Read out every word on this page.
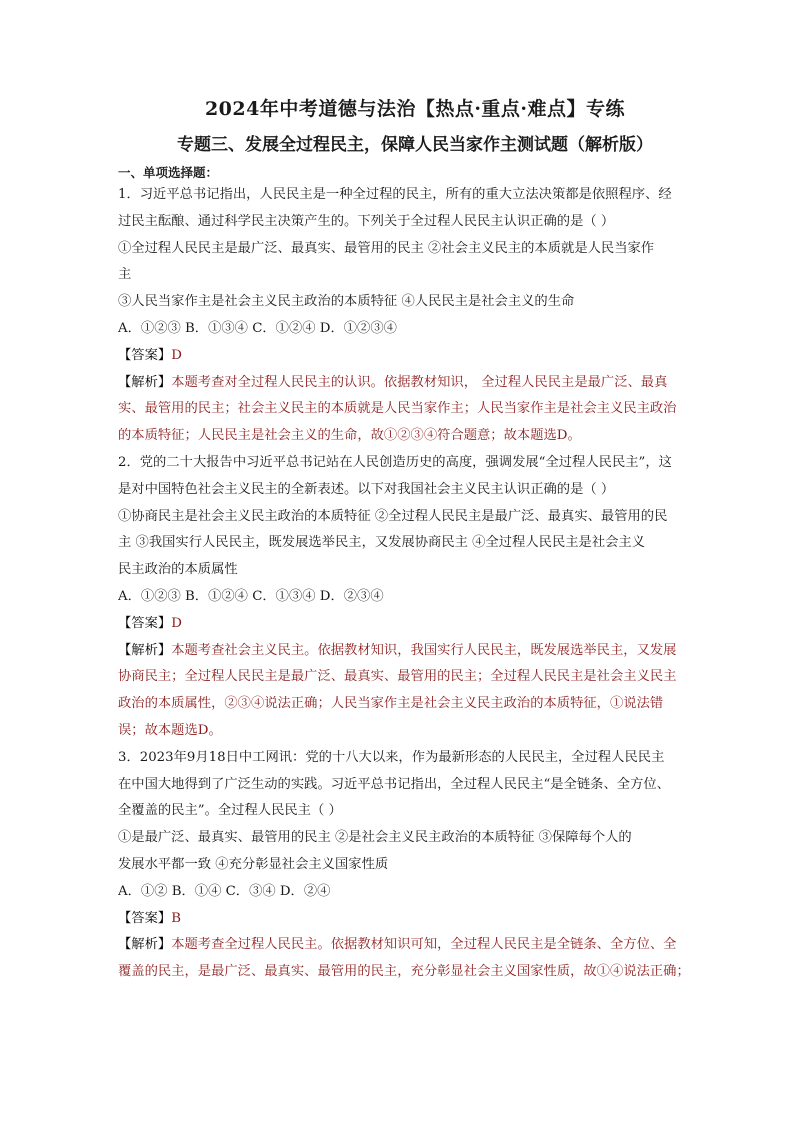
2024年中考道德与法治【热点·重点·难点】专练
专题三、发展全过程民主，保障人民当家作主测试题（解析版）
一、单项选择题：
1．习近平总书记指出，人民民主是一种全过程的民主，所有的重大立法决策都是依照程序、经
过民主酝酿、通过科学民主决策产生的。下列关于全过程人民民主认识正确的是（ ）
①全过程人民民主是最广泛、最真实、最管用的民主 ②社会主义民主的本质就是人民当家作
主
③人民当家作主是社会主义民主政治的本质特征 ④人民民主是社会主义的生命
A．①②③ B．①③④ C．①②④ D．①②③④
【答案】D
【解析】本题考查对全过程人民民主的认识。依据教材知识， 全过程人民民主是最广泛、最真
实、最管用的民主；社会主义民主的本质就是人民当家作主；人民当家作主是社会主义民主政治
的本质特征；人民民主是社会主义的生命，故①②③④符合题意；故本题选D。
2．党的二十大报告中习近平总书记站在人民创造历史的高度，强调发展“全过程人民民主”，这
是对中国特色社会主义民主的全新表述。以下对我国社会主义民主认识正确的是（ ）
①协商民主是社会主义民主政治的本质特征 ②全过程人民民主是最广泛、最真实、最管用的民
主 ③我国实行人民民主，既发展选举民主，又发展协商民主 ④全过程人民民主是社会主义
民主政治的本质属性
A．①②③ B．①②④ C．①③④ D．②③④
【答案】D
【解析】本题考查社会主义民主。依据教材知识，我国实行人民民主，既发展选举民主，又发展
协商民主；全过程人民民主是最广泛、最真实、最管用的民主；全过程人民民主是社会主义民主
政治的本质属性，②③④说法正确；人民当家作主是社会主义民主政治的本质特征，①说法错
误；故本题选D。
3．2023年9月18日中工网讯：党的十八大以来，作为最新形态的人民民主，全过程人民民主
在中国大地得到了广泛生动的实践。习近平总书记指出，全过程人民民主“是全链条、全方位、
全覆盖的民主”。全过程人民民主（ ）
①是最广泛、最真实、最管用的民主 ②是社会主义民主政治的本质特征 ③保障每个人的
发展水平都一致 ④充分彰显社会主义国家性质
A．①② B．①④ C．③④ D．②④
【答案】B
【解析】本题考查全过程人民民主。依据教材知识可知，全过程人民民主是全链条、全方位、全
覆盖的民主，是最广泛、最真实、最管用的民主，充分彰显社会主义国家性质，故①④说法正确；
